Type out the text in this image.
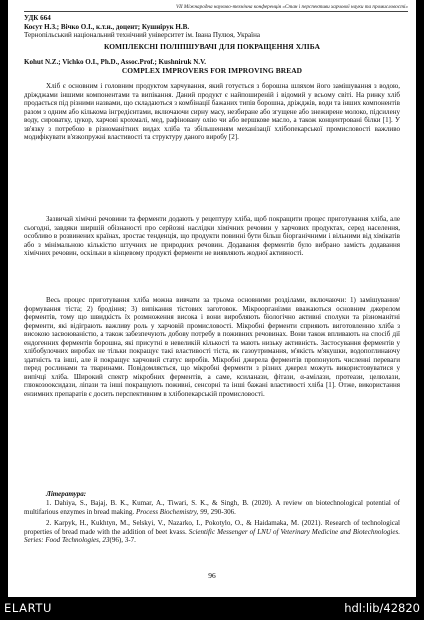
VII Міжнародна науково-технічна конференція «Стан і перспективи харчової науки та промисловості»
УДК 664
Коєут Н.З.; Вічко О.І., к.т.н., доцент; Кушнірук Н.В.
Тернопільський національний технічний університет ім. Івана Пулюя, Україна
КОМПЛЕКСНІ ПОЛІПШУВАЧІ ДЛЯ ПОКРАЩЕННЯ ХЛІБА
Kohut N.Z.; Vichko O.I., Ph.D., Assoc.Prof.; Kushniruk N.V.
COMPLEX IMPROVERS FOR IMPROVING BREAD
Хліб є основним і головним продуктом харчування, який готується з борошна шляхом його замішування з водою, дріжджами іншими компонентами та випікання. Даний продукт є найпоширеній і відомий у всьому світі. На ринку хліб продається під різними назвами, що складаються з комбінації бажаних типів борошна, дріжджів, води та інших компонентів разом з одним або кількома інгредієнтами, включаючи сирну масу, незбиране або згущене або знежирене молоко, підсилену воду, сироватку, цукор, харчові крохмалі, мед, рафіновану олію чи або вершкове масло, а також концентровані білки [1]. У зв'язку з потребою в різноманітних видах хліба та збільшенням механізації хлібопекарської промисловості важливо модифікувати в'язкопружні властивості та структуру даного виробу [2].
Зазвичай хімічні речовини та ферменти додають у рецептуру хліба, щоб покращити процес приготування хліба, але сьогодні, завдяки ширшій обізнаності про серйозні наслідки хімічних речовин у харчових продуктах, серед населення, особливо в розвинених країнах, зростає тенденція, що продукти повинні бути більш біорганічними і вільними від хімікатів або з мінімальною кількістю штучних не природних речовин. Додавання ферментів було вибрано замість додавання хімічних речовин, оскільки в кінцевому продукті ферменти не виявляють жодної активності.
Весь процес приготування хліба можна вивчати за трьома основними розділами, включаючи: 1) замішування/формування тіста; 2) бродіння; 3) випікання тістових заготовок. Мікроорганізми вважаються основним джерелом ферментів, тому що швидкість їх розмноження висока і вони виробляють біологічно активні сполуки та різноманітні ферменти, які відіграють важливу роль у харчовій промисловості. Мікробні ферменти сприяють виготовленню хліба з високою засвоюваністю, а також забезпечують добову потребу в поживних речовинах. Вони також впливають на спосіб дії ендогенних ферментів борошна, які присутні в невеликій кількості та мають низьку активність. Застосування ферментів у хлібобулочних виробах не тільки покращує такі властивості тіста, як газоутримання, м'якість м'якушки, водопоглинаючу здатність та інші, але й покращує харчовий статус виробів. Мікробні джерела ферментів пропонують численні переваги перед рослинами та тваринами. Повідомляється, що мікробні ферменти з різних джерел можуть використовуватися у випічці хліба. Широкий спектр мікробних ферментів, а саме, ксиланази, фітази, α-амілази, протеази, целюлази, глюкозооксидази, ліпази та інші покращують поживні, сенсорні та інші бажані властивості хліба [1]. Отже, використання ензимних препаратів є досить перспективним в хлібопекарській промисловості.
Література:
1. Dahiya, S., Bajaj, B. K., Kumar, A., Tiwari, S. K., & Singh, B. (2020). A review on biotechnological potential of multifarious enzymes in bread making. Process Biochemistry, 99, 290-306.
2. Karpyk, H., Kukhtyn, M., Selskyi, V., Nazarko, I., Pokotylo, O., & Haidamaka, M. (2021). Research of technological properties of bread made with the addition of beet kvass. Scientific Messenger of LNU of Veterinary Medicine and Biotechnologies. Series: Food Technologies, 23(96), 3-7.
96
ELARTU	hdl:lib/42820
